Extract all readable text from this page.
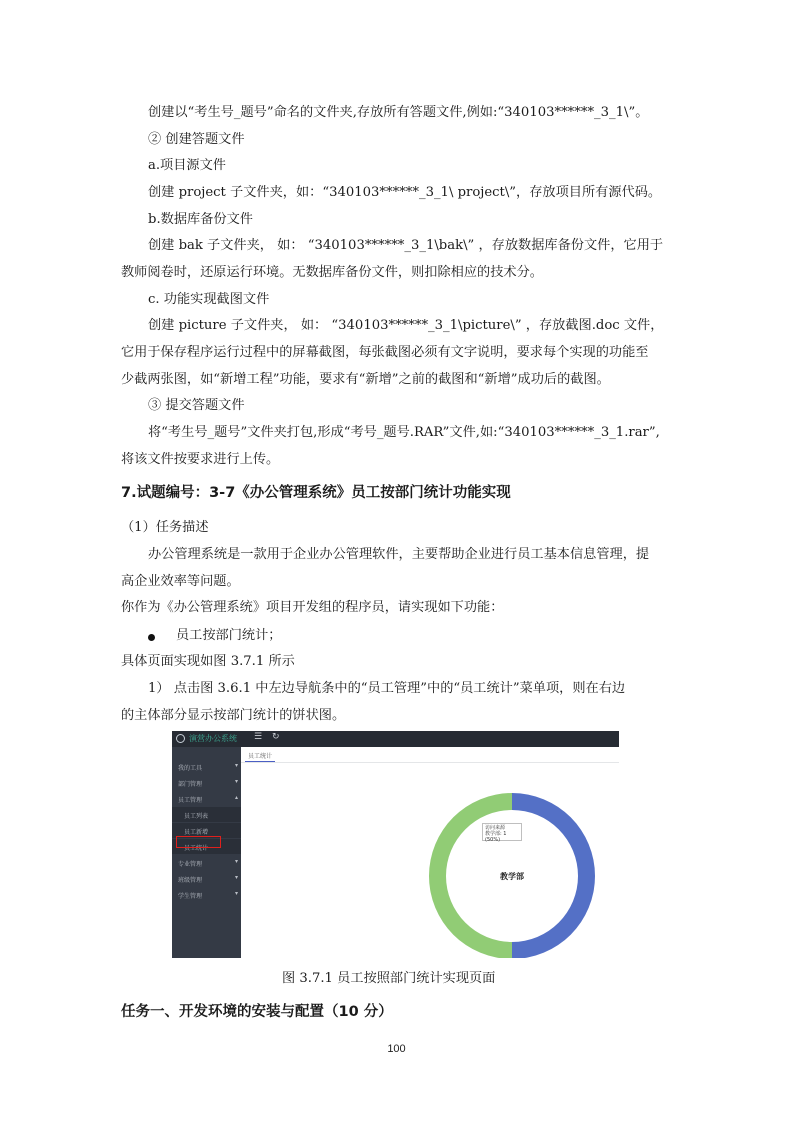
创建以“考生号_题号”命名的文件夹,存放所有答题文件,例如:“340103******_3_1\”。
② 创建答题文件
a.项目源文件
创建 project 子文件夹，如：“340103******_3_1\ project\”，存放项目所有源代码。
b.数据库备份文件
创建 bak 子文件夹， 如： “340103******_3_1\bak\” ，存放数据库备份文件，它用于
教师阅卷时，还原运行环境。无数据库备份文件，则扣除相应的技术分。
c. 功能实现截图文件
创建 picture 子文件夹， 如： “340103******_3_1\picture\” ，存放截图.doc 文件，
它用于保存程序运行过程中的屏幕截图，每张截图必须有文字说明，要求每个实现的功能至
少截两张图，如“新增工程”功能，要求有“新增”之前的截图和“新增”成功后的截图。
③ 提交答题文件
将“考生号_题号”文件夹打包,形成“考号_题号.RAR”文件,如:“340103******_3_1.rar”,
将该文件按要求进行上传。
7.试题编号：3-7《办公管理系统》员工按部门统计功能实现
（1）任务描述
办公管理系统是一款用于企业办公管理软件，主要帮助企业进行员工基本信息管理，提
高企业效率等问题。
你作为《办公管理系统》项目开发组的程序员，请实现如下功能：
员工按部门统计；
具体页面实现如图 3.7.1 所示
1） 点击图 3.6.1 中左边导航条中的“员工管理”中的“员工统计”菜单项，则在右边
的主体部分显示按部门统计的饼状图。
演营办公系统 ☰ ↻
我的工具	▾
部门管理	▾
员工管理	▴
员工列表
员工新增
员工统计
专业管理	▾
班级管理	▾
学生管理	▾
员工统计
教学部
访问来源
教学部: 1 (50%)
图 3.7.1 员工按照部门统计实现页面
任务一、开发环境的安装与配置（10 分）
100
